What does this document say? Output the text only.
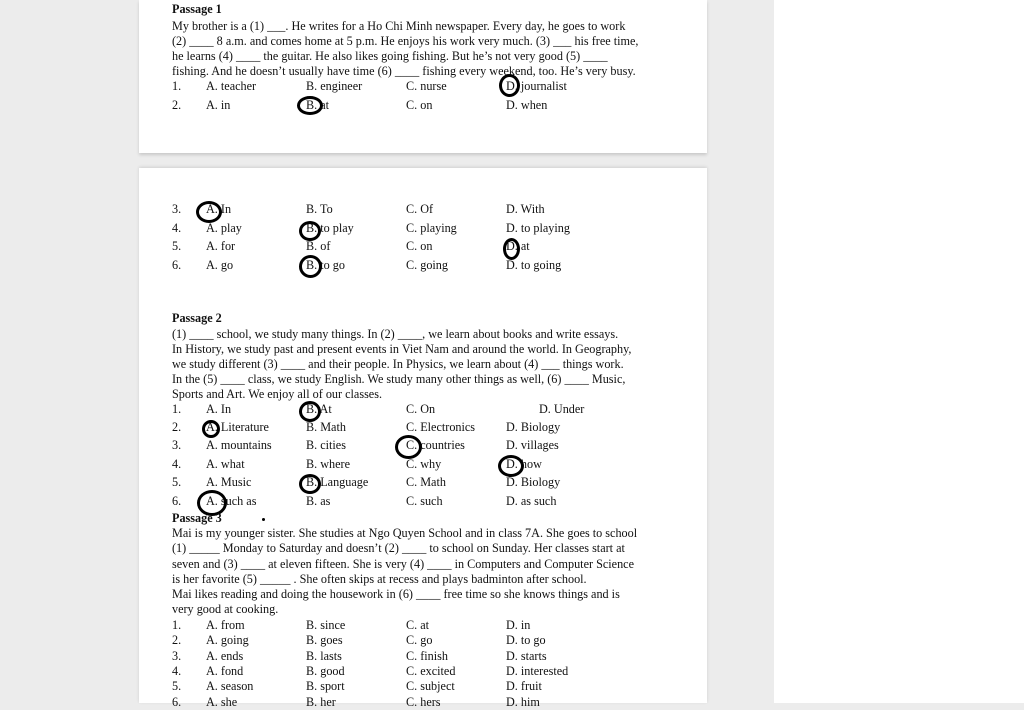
Passage 1
My brother is a (1) ___. He writes for a Ho Chi Minh newspaper. Every day, he goes to work
(2) ____ 8 a.m. and comes home at 5 p.m. He enjoys his work very much. (3) ___ his free time,
he learns (4) ____ the guitar. He also likes going fishing. But he’s not very good (5) ____
fishing. And he doesn’t usually have time (6) ____ fishing every weekend, too. He’s very busy.
1. A. teacher	B. engineer	C. nurse	D. journalist
2. A. in	B. at	C. on	D. when
3. A. In	B. To	C. Of	D. With
4. A. play	B. to play	C. playing	D. to playing
5. A. for	B. of	C. on	D. at
6. A. go	B. to go	C. going	D. to going
Passage 2
(1) ____ school, we study many things. In (2) ____, we learn about books and write essays.
In History, we study past and present events in Viet Nam and around the world. In Geography,
we study different (3) ____ and their people. In Physics, we learn about (4) ___ things work.
In the (5) ____ class, we study English. We study many other things as well, (6) ____ Music,
Sports and Art. We enjoy all of our classes.
1. A. In	B. At	C. On	D. Under
2. A. Literature	B. Math	C. Electronics	D. Biology
3. A. mountains	B. cities	C. countries	D. villages
4. A. what	B. where	C. why	D. how
5. A. Music	B. Language	C. Math	D. Biology
6. A. such as	B. as	C. such	D. as such
Passage 3
Mai is my younger sister. She studies at Ngo Quyen School and in class 7A. She goes to school
(1) _____ Monday to Saturday and doesn’t (2) ____ to school on Sunday. Her classes start at
seven and (3) ____ at eleven fifteen. She is very (4) ____ in Computers and Computer Science
is her favorite (5) _____ . She often skips at recess and plays badminton after school.
Mai likes reading and doing the housework in (6) ____ free time so she knows things and is
very good at cooking.
1. A. from	B. since	C. at	D. in
2. A. going	B. goes	C. go	D. to go
3. A. ends	B. lasts	C. finish	D. starts
4. A. fond	B. good	C. excited	D. interested
5. A. season	B. sport	C. subject	D. fruit
6. A. she	B. her	C. hers	D. him
